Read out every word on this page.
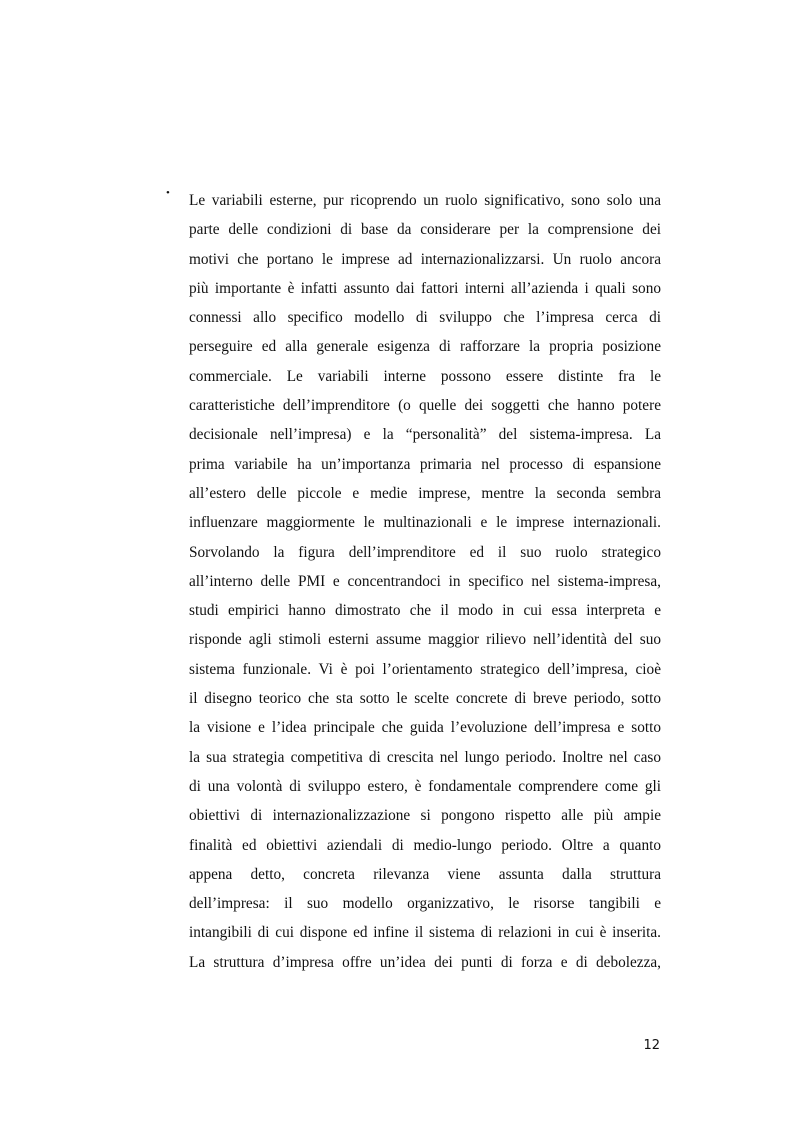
• Le variabili esterne, pur ricoprendo un ruolo significativo, sono solo una
parte delle condizioni di base da considerare per la comprensione dei
motivi che portano le imprese ad internazionalizzarsi. Un ruolo ancora
più importante è infatti assunto dai fattori interni all’azienda i quali sono
connessi allo specifico modello di sviluppo che l’impresa cerca di
perseguire ed alla generale esigenza di rafforzare la propria posizione
commerciale. Le variabili interne possono essere distinte fra le
caratteristiche dell’imprenditore (o quelle dei soggetti che hanno potere
decisionale nell’impresa) e la “personalità” del sistema-impresa. La
prima variabile ha un’importanza primaria nel processo di espansione
all’estero delle piccole e medie imprese, mentre la seconda sembra
influenzare maggiormente le multinazionali e le imprese internazionali.
Sorvolando la figura dell’imprenditore ed il suo ruolo strategico
all’interno delle PMI e concentrandoci in specifico nel sistema-impresa,
studi empirici hanno dimostrato che il modo in cui essa interpreta e
risponde agli stimoli esterni assume maggior rilievo nell’identità del suo
sistema funzionale. Vi è poi l’orientamento strategico dell’impresa, cioè
il disegno teorico che sta sotto le scelte concrete di breve periodo, sotto
la visione e l’idea principale che guida l’evoluzione dell’impresa e sotto
la sua strategia competitiva di crescita nel lungo periodo. Inoltre nel caso
di una volontà di sviluppo estero, è fondamentale comprendere come gli
obiettivi di internazionalizzazione si pongono rispetto alle più ampie
finalità ed obiettivi aziendali di medio-lungo periodo. Oltre a quanto
appena detto, concreta rilevanza viene assunta dalla struttura
dell’impresa: il suo modello organizzativo, le risorse tangibili e
intangibili di cui dispone ed infine il sistema di relazioni in cui è inserita.
La struttura d’impresa offre un’idea dei punti di forza e di debolezza,
12
